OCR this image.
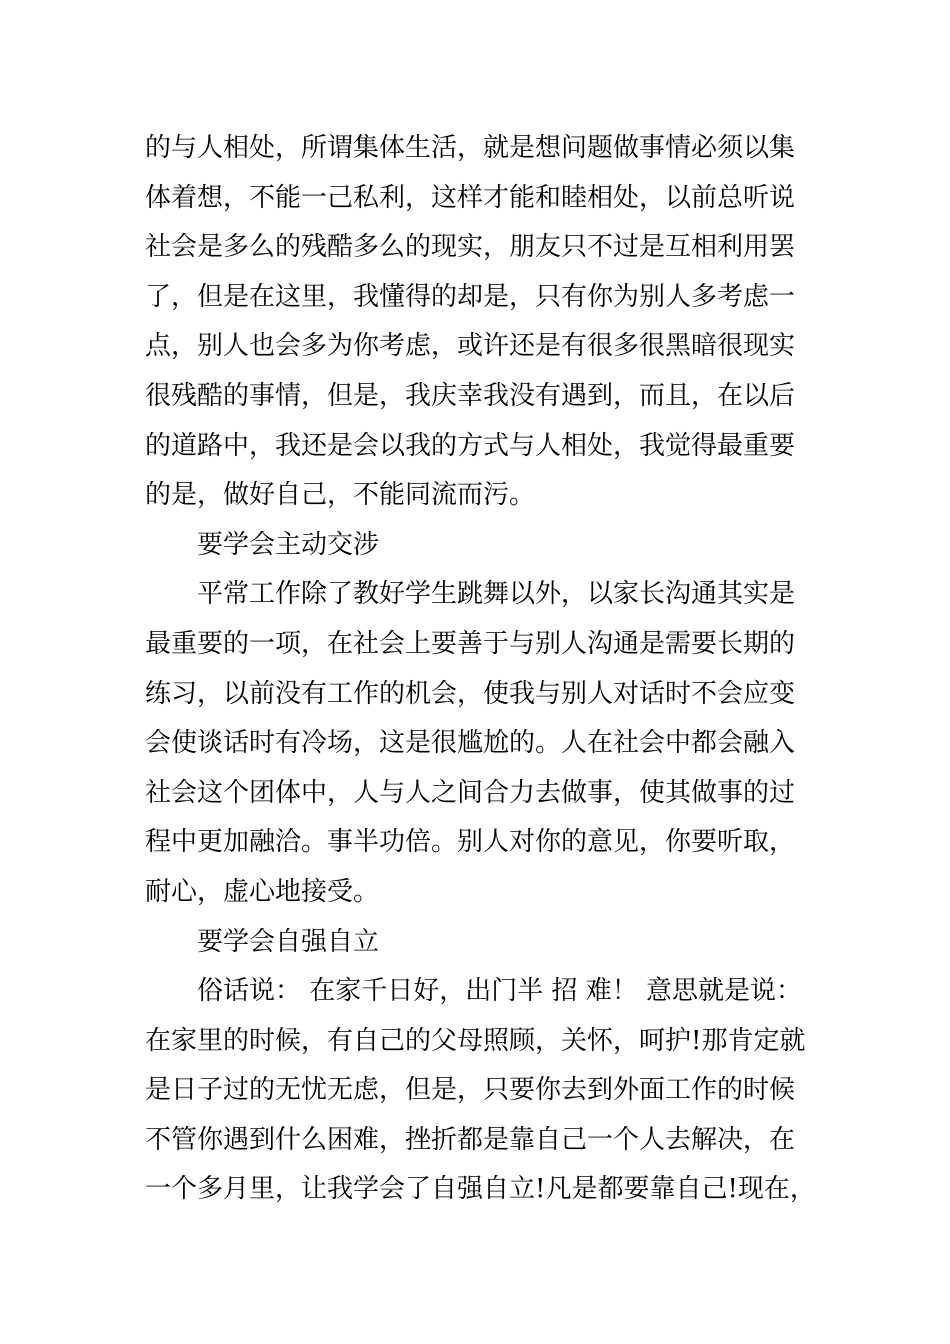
的与人相处，所谓集体生活，就是想问题做事情必须以集
体着想，不能一己私利，这样才能和睦相处，以前总听说
社会是多么的残酷多么的现实，朋友只不过是互相利用罢
了，但是在这里，我懂得的却是，只有你为别人多考虑一
点，别人也会多为你考虑，或许还是有很多很黑暗很现实
很残酷的事情，但是，我庆幸我没有遇到，而且，在以后
的道路中，我还是会以我的方式与人相处，我觉得最重要
的是，做好自己，不能同流而污。
要学会主动交涉
平常工作除了教好学生跳舞以外，以家长沟通其实是
最重要的一项，在社会上要善于与别人沟通是需要长期的
练习，以前没有工作的机会，使我与别人对话时不会应变
会使谈话时有冷场，这是很尴尬的。人在社会中都会融入
社会这个团体中，人与人之间合力去做事，使其做事的过
程中更加融洽。事半功倍。别人对你的意见，你要听取，
耐心，虚心地接受。
要学会自强自立
俗话说： 在家千日好，出门半 招 难！ 意思就是说：
在家里的时候，有自己的父母照顾，关怀，呵护!那肯定就
是日子过的无忧无虑，但是，只要你去到外面工作的时候
不管你遇到什么困难，挫折都是靠自己一个人去解决，在
一个多月里，让我学会了自强自立!凡是都要靠自己!现在，
